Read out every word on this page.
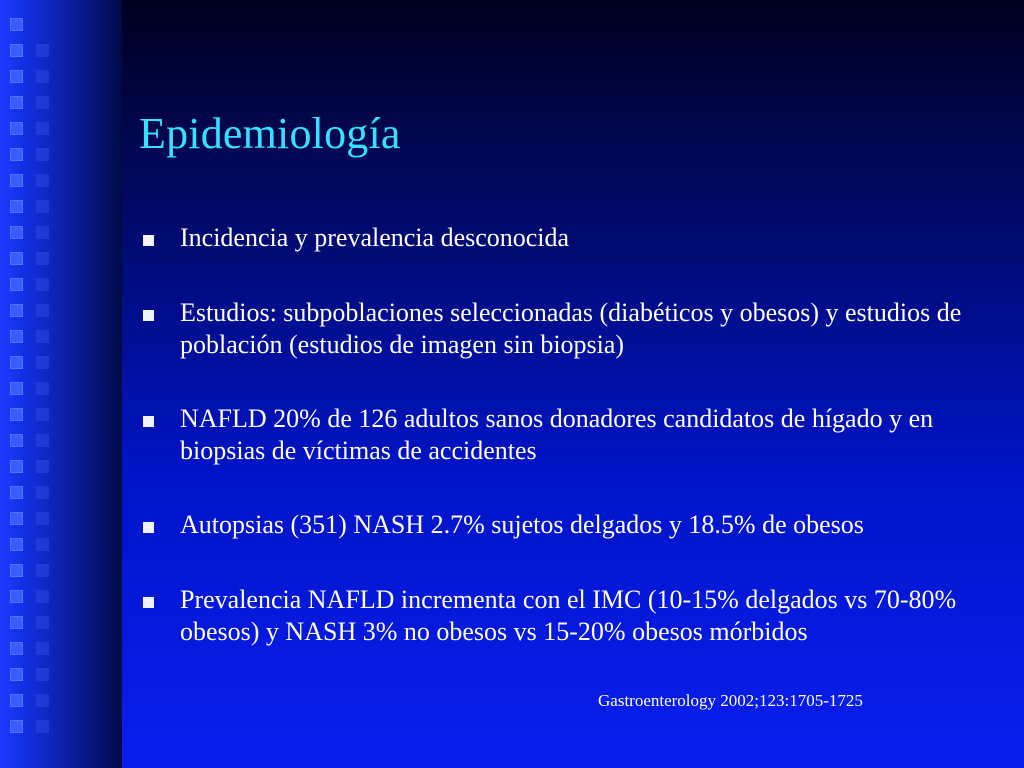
Epidemiología
Incidencia y prevalencia desconocida
Estudios: subpoblaciones seleccionadas (diabéticos y obesos) y estudios de población (estudios de imagen sin biopsia)
NAFLD 20% de 126 adultos sanos donadores candidatos de hígado y en biopsias de víctimas de accidentes
Autopsias (351) NASH 2.7% sujetos delgados y 18.5% de obesos
Prevalencia NAFLD incrementa con el IMC (10-15% delgados vs 70-80% obesos) y NASH 3% no obesos vs 15-20% obesos mórbidos
Gastroenterology 2002;123:1705-1725
